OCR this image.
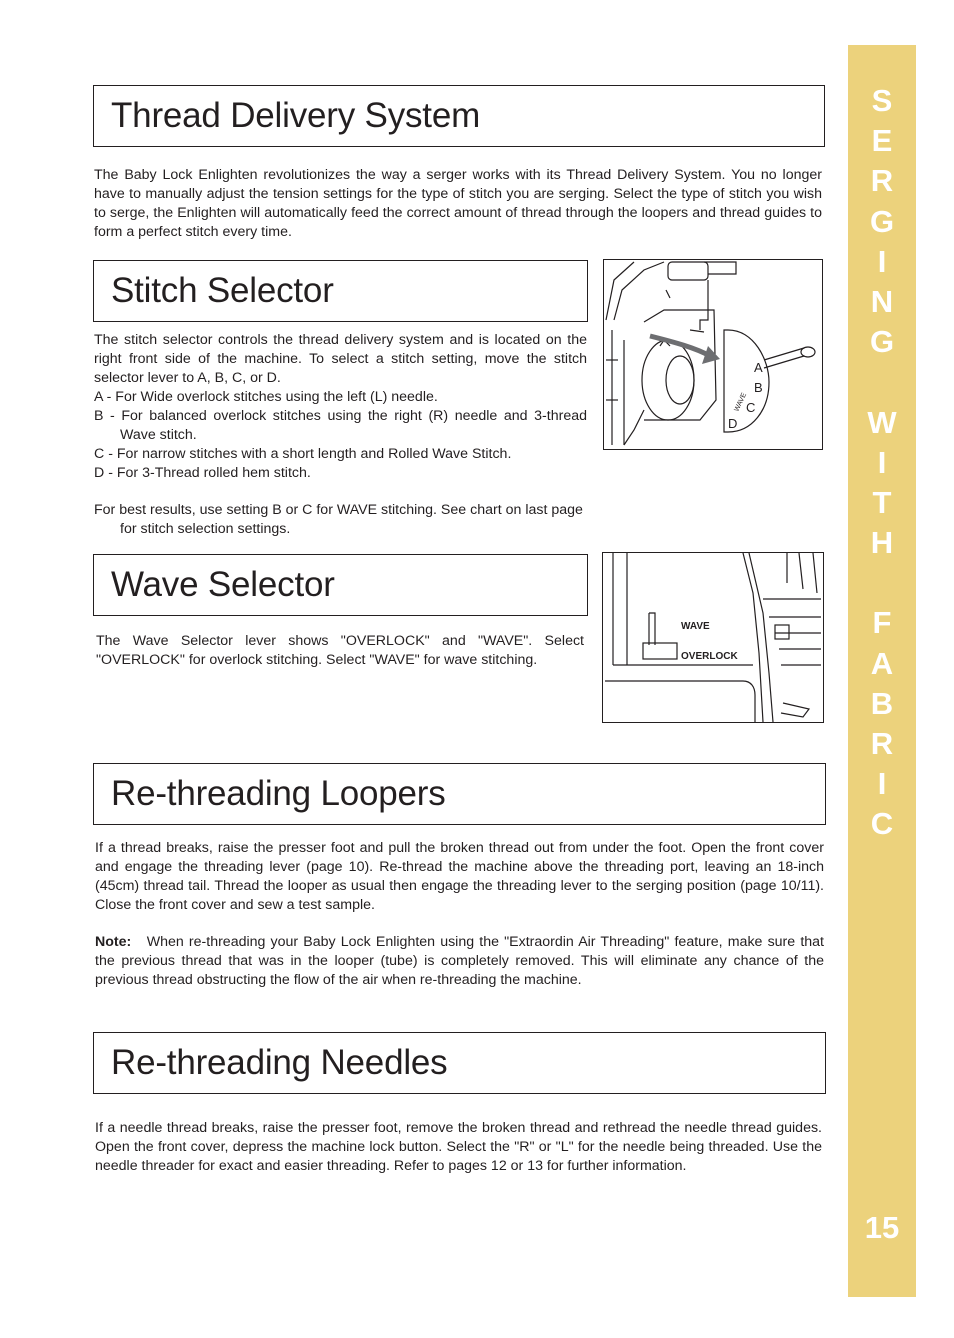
S
E
R
G
I
N
G

W
I
T
H

F
A
B
R
I
C
15
Thread Delivery System

The Baby Lock Enlighten revolutionizes the way a serger works with its Thread Delivery System. You no longer have to manually adjust the tension settings for the type of stitch you are serging. Select the type of stitch you wish to serge, the Enlighten will automatically feed the correct amount of thread through the loopers and thread guides to form a perfect stitch every time.

Stitch Selector

The stitch selector controls the thread delivery system and is located on the right front side of the machine. To select a stitch setting, move the stitch selector lever to A, B, C, or D.

A - For Wide overlock stitches using the left (L) needle.

B - For balanced overlock stitches using the right (R) needle and 3-thread Wave stitch.

C - For narrow stitches with a short length and Rolled Wave Stitch.

D - For 3-Thread rolled hem stitch.

For best results, use setting B or C for WAVE stitching. See chart on last page for stitch selection settings.

A
B
C
D
WAVE
Wave Selector

The Wave Selector lever shows "OVERLOCK" and "WAVE". Select "OVERLOCK" for overlock stitching. Select "WAVE" for wave stitching.

WAVE
OVERLOCK
Re-threading Loopers

If a thread breaks, raise the presser foot and pull the broken thread out from under the foot. Open the front cover and engage the threading lever (page 10). Re-thread the machine above the threading port, leaving an 18-inch (45cm) thread tail. Thread the looper as usual then engage the threading lever to the serging position (page 10/11). Close the front cover and sew a test sample.

Note: When re-threading your Baby Lock Enlighten using the "Extraordin Air Threading" feature, make sure that the previous thread that was in the looper (tube) is completely removed. This will eliminate any chance of the previous thread obstructing the flow of the air when re-threading the machine.

Re-threading Needles

If a needle thread breaks, raise the presser foot, remove the broken thread and rethread the needle thread guides. Open the front cover, depress the machine lock button. Select the "R" or "L" for the needle being threaded. Use the needle threader for exact and easier threading. Refer to pages 12 or 13 for further information.
